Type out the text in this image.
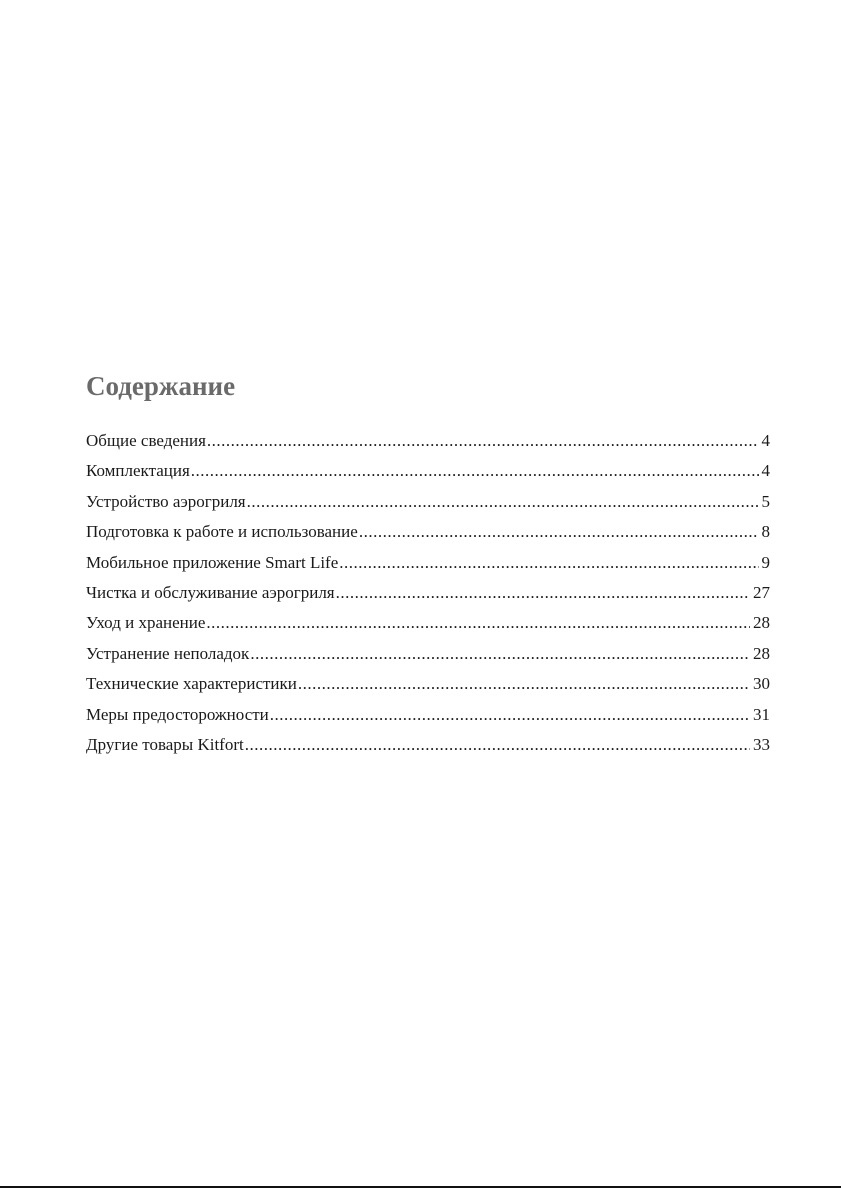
Содержание
Общие сведения .....	4
Комплектация .....	4
Устройство аэрогриля .....	5
Подготовка к работе и использование .....	8
Мобильное приложение Smart Life .....	9
Чистка и обслуживание аэрогриля .....	27
Уход и хранение .....	28
Устранение неполадок .....	28
Технические характеристики .....	30
Меры предосторожности .....	31
Другие товары Kitfort .....	33
